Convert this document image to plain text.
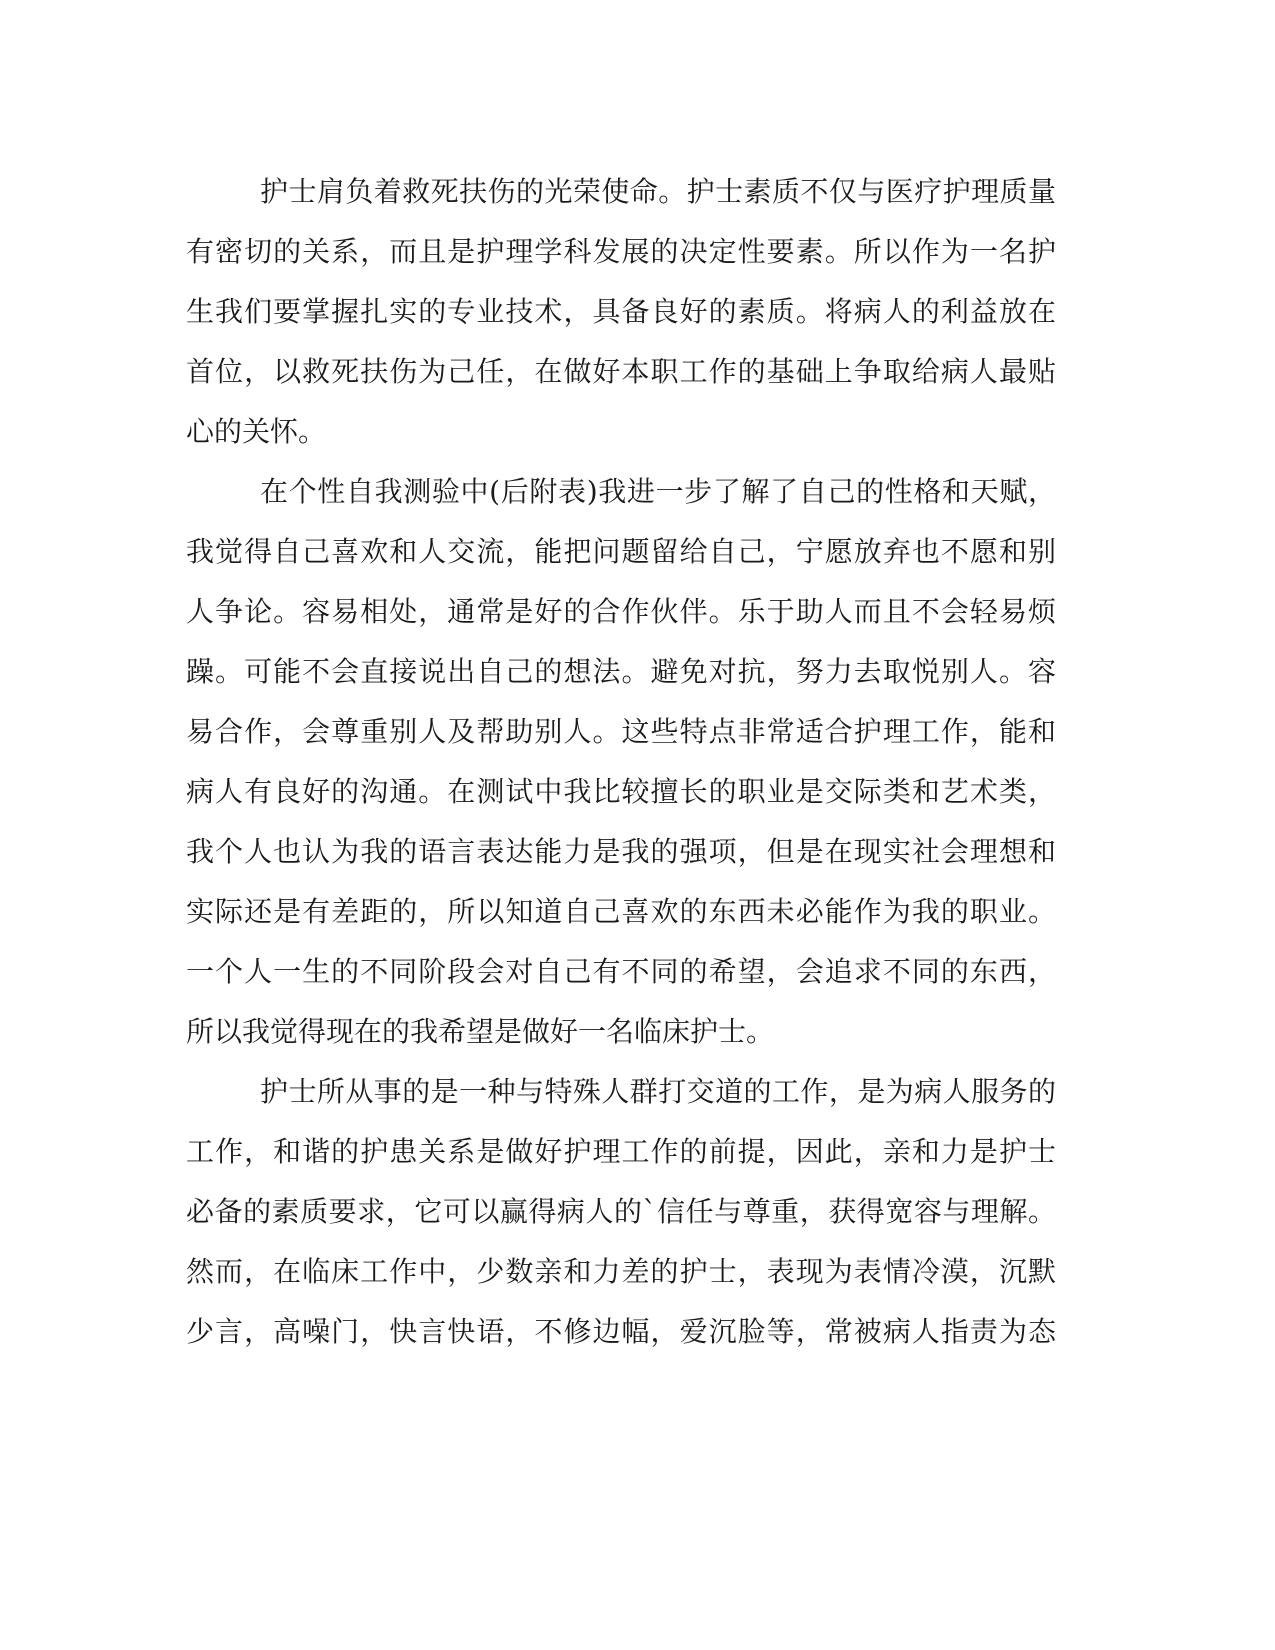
护士肩负着救死扶伤的光荣使命。护士素质不仅与医疗护理质量
有密切的关系，而且是护理学科发展的决定性要素。所以作为一名护
生我们要掌握扎实的专业技术，具备良好的素质。将病人的利益放在
首位，以救死扶伤为己任，在做好本职工作的基础上争取给病人最贴
心的关怀。
在个性自我测验中(后附表)我进一步了解了自己的性格和天赋，
我觉得自己喜欢和人交流，能把问题留给自己，宁愿放弃也不愿和别
人争论。容易相处，通常是好的合作伙伴。乐于助人而且不会轻易烦
躁。可能不会直接说出自己的想法。避免对抗，努力去取悦别人。容
易合作，会尊重别人及帮助别人。这些特点非常适合护理工作，能和
病人有良好的沟通。在测试中我比较擅长的职业是交际类和艺术类，
我个人也认为我的语言表达能力是我的强项，但是在现实社会理想和
实际还是有差距的，所以知道自己喜欢的东西未必能作为我的职业。
一个人一生的不同阶段会对自己有不同的希望，会追求不同的东西，
所以我觉得现在的我希望是做好一名临床护士。
护士所从事的是一种与特殊人群打交道的工作，是为病人服务的
工作，和谐的护患关系是做好护理工作的前提，因此，亲和力是护士
必备的素质要求，它可以赢得病人的`信任与尊重，获得宽容与理解。
然而，在临床工作中，少数亲和力差的护士，表现为表情冷漠，沉默
少言，高噪门，快言快语，不修边幅，爱沉脸等，常被病人指责为态
